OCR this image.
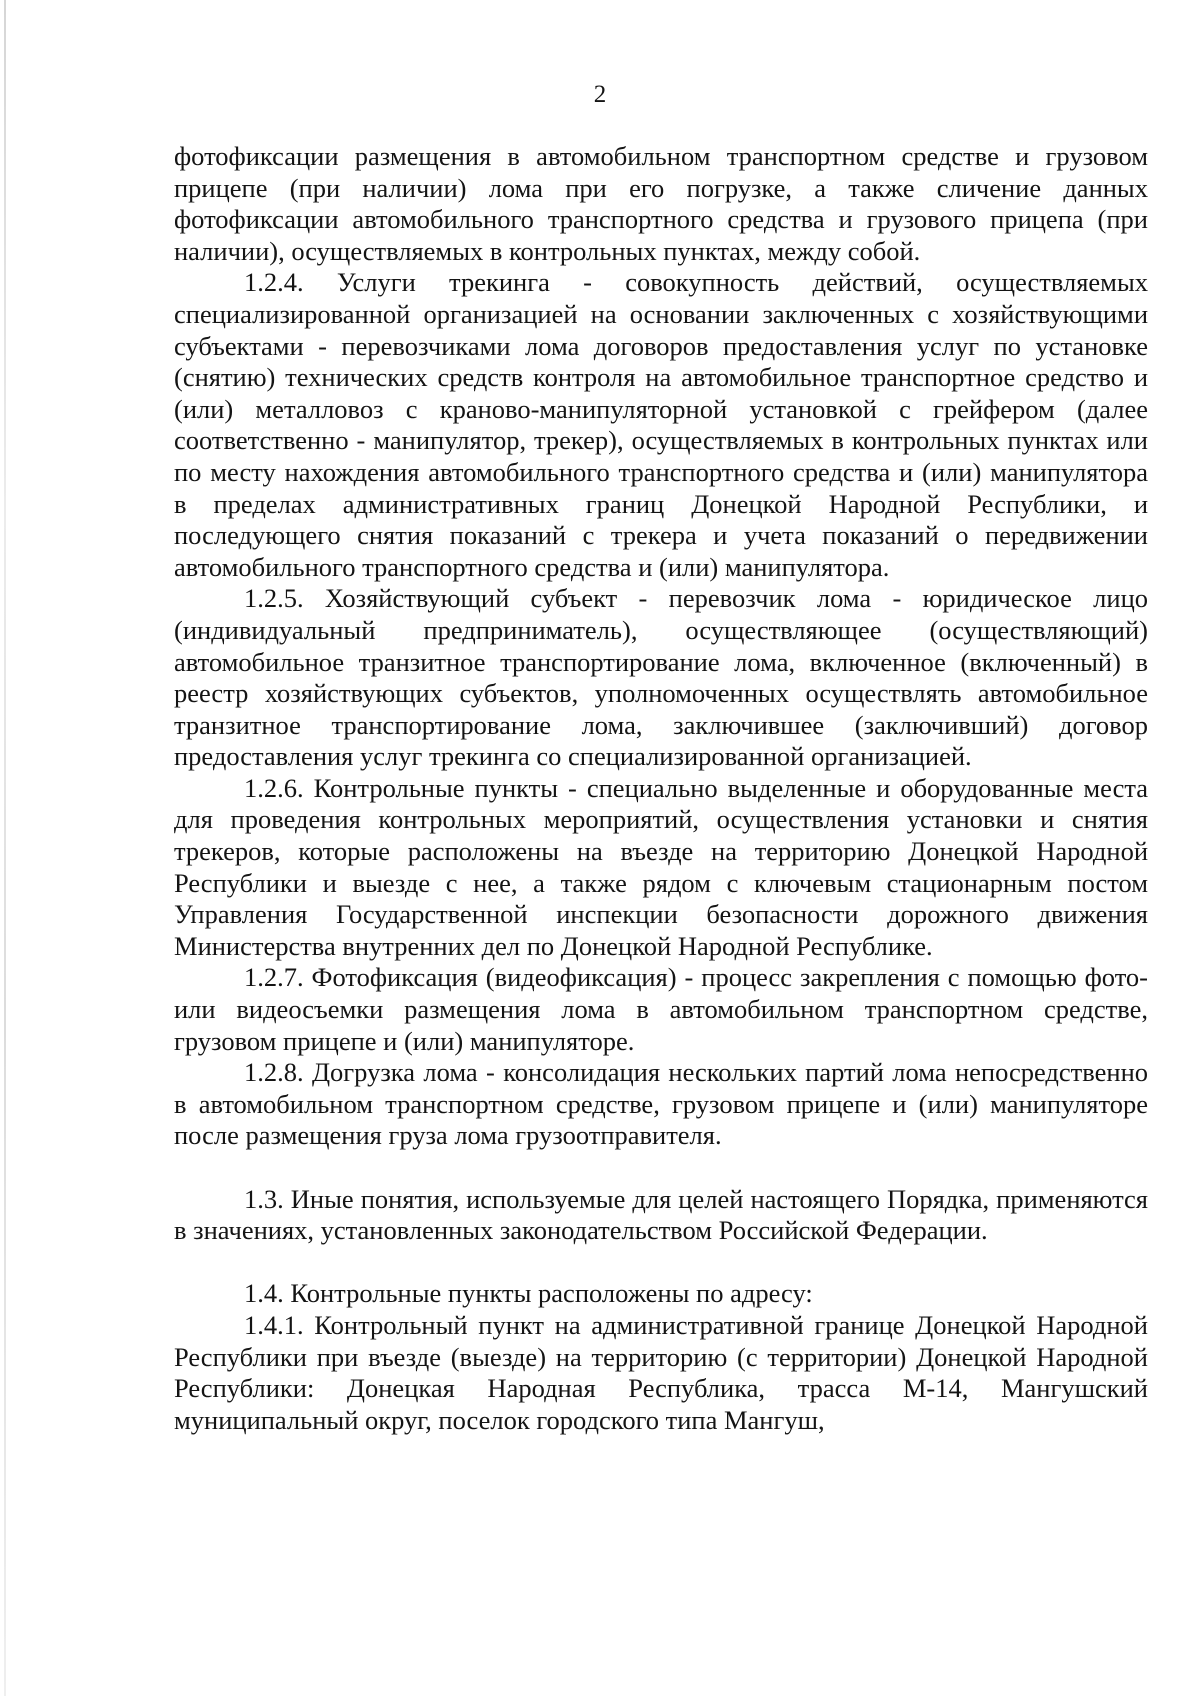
2

фотофиксации размещения в автомобильном транспортном средстве и грузовом прицепе (при наличии) лома при его погрузке, а также сличение данных фотофиксации автомобильного транспортного средства и грузового прицепа (при наличии), осуществляемых в контрольных пунктах, между собой.

1.2.4. Услуги трекинга - совокупность действий, осуществляемых специализированной организацией на основании заключенных с хозяйствующими субъектами - перевозчиками лома договоров предоставления услуг по установке (снятию) технических средств контроля на автомобильное транспортное средство и (или) металловоз с краново-манипуляторной установкой с грейфером (далее соответственно - манипулятор, трекер), осуществляемых в контрольных пунктах или по месту нахождения автомобильного транспортного средства и (или) манипулятора в пределах административных границ Донецкой Народной Республики, и последующего снятия показаний с трекера и учета показаний о передвижении автомобильного транспортного средства и (или) манипулятора.

1.2.5. Хозяйствующий субъект - перевозчик лома - юридическое лицо (индивидуальный предприниматель), осуществляющее (осуществляющий) автомобильное транзитное транспортирование лома, включенное (включенный) в реестр хозяйствующих субъектов, уполномоченных осуществлять автомобильное транзитное транспортирование лома, заключившее (заключивший) договор предоставления услуг трекинга со специализированной организацией.

1.2.6. Контрольные пункты - специально выделенные и оборудованные места для проведения контрольных мероприятий, осуществления установки и снятия трекеров, которые расположены на въезде на территорию Донецкой Народной Республики и выезде с нее, а также рядом с ключевым стационарным постом Управления Государственной инспекции безопасности дорожного движения Министерства внутренних дел по Донецкой Народной Республике.

1.2.7. Фотофиксация (видеофиксация) - процесс закрепления с помощью фото- или видеосъемки размещения лома в автомобильном транспортном средстве, грузовом прицепе и (или) манипуляторе.

1.2.8. Догрузка лома - консолидация нескольких партий лома непосредственно в автомобильном транспортном средстве, грузовом прицепе и (или) манипуляторе после размещения груза лома грузоотправителя.

1.3. Иные понятия, используемые для целей настоящего Порядка, применяются в значениях, установленных законодательством Российской Федерации.

1.4. Контрольные пункты расположены по адресу:

1.4.1. Контрольный пункт на административной границе Донецкой Народной Республики при въезде (выезде) на территорию (с территории) Донецкой Народной Республики: Донецкая Народная Республика, трасса М-14, Мангушский муниципальный округ, поселок городского типа Мангуш,
